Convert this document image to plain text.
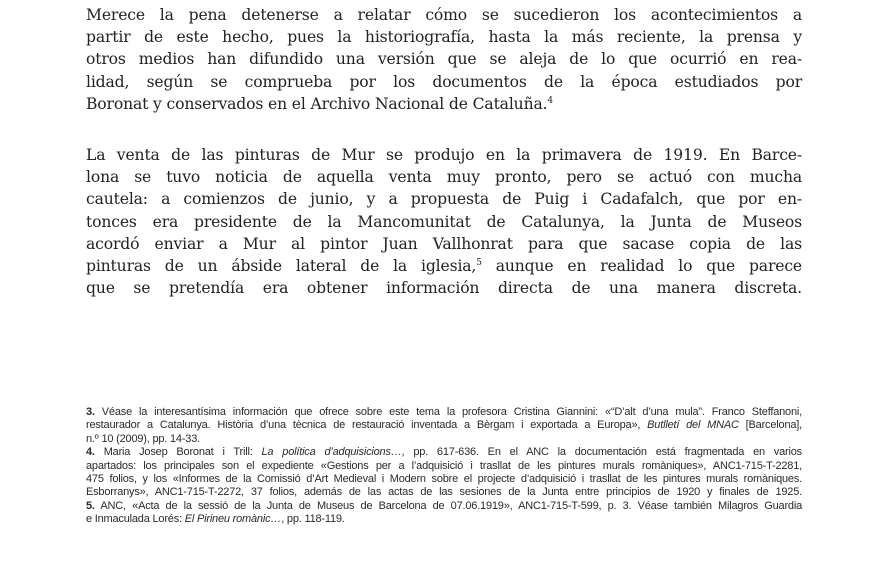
Merece la pena detenerse a relatar cómo se sucedieron los acontecimientos a
partir de este hecho, pues la historiografía, hasta la más reciente, la prensa y
otros medios han difundido una versión que se aleja de lo que ocurrió en rea-
lidad, según se comprueba por los documentos de la época estudiados por
Boronat y conservados en el Archivo Nacional de Cataluña.$^4$
La venta de las pinturas de Mur se produjo en la primavera de 1919. En Barce-
lona se tuvo noticia de aquella venta muy pronto, pero se actuó con mucha
cautela: a comienzos de junio, y a propuesta de Puig i Cadafalch, que por en-
tonces era presidente de la Mancomunitat de Catalunya, la Junta de Museos
acordó enviar a Mur al pintor Juan Vallhonrat para que sacase copia de las
pinturas de un ábside lateral de la iglesia,$^5$ aunque en realidad lo que parece
que se pretendía era obtener información directa de una manera discreta.
3. Véase la interesantísima información que ofrece sobre este tema la profesora Cristina Giannini: «“D’alt d’una mula”. Franco Steffanoni,
restaurador a Catalunya. Història d’una tècnica de restauració inventada a Bèrgam i exportada a Europa», Butlletí del MNAC [Barcelona],
n.º 10 (2009), pp. 14-33.
4. Maria Josep Boronat i Trill: La política d’adquisicions…, pp. 617-636. En el ANC la documentación está fragmentada en varios
apartados: los principales son el expediente «Gestions per a l’adquisició i trasllat de les pintures murals romàniques», ANC1-715-T-2281,
475 folios, y los «Informes de la Comissió d’Art Medieval i Modern sobre el projecte d’adquisició i trasllat de les pintures murals romàniques.
Esborranys», ANC1-715-T-2272, 37 folios, además de las actas de las sesiones de la Junta entre principios de 1920 y finales de 1925.
5. ANC, «Acta de la sessió de la Junta de Museus de Barcelona de 07.06.1919», ANC1-715-T-599, p. 3. Véase también Milagros Guardia
e Inmaculada Lorés: El Pirineu romànic…, pp. 118-119.
